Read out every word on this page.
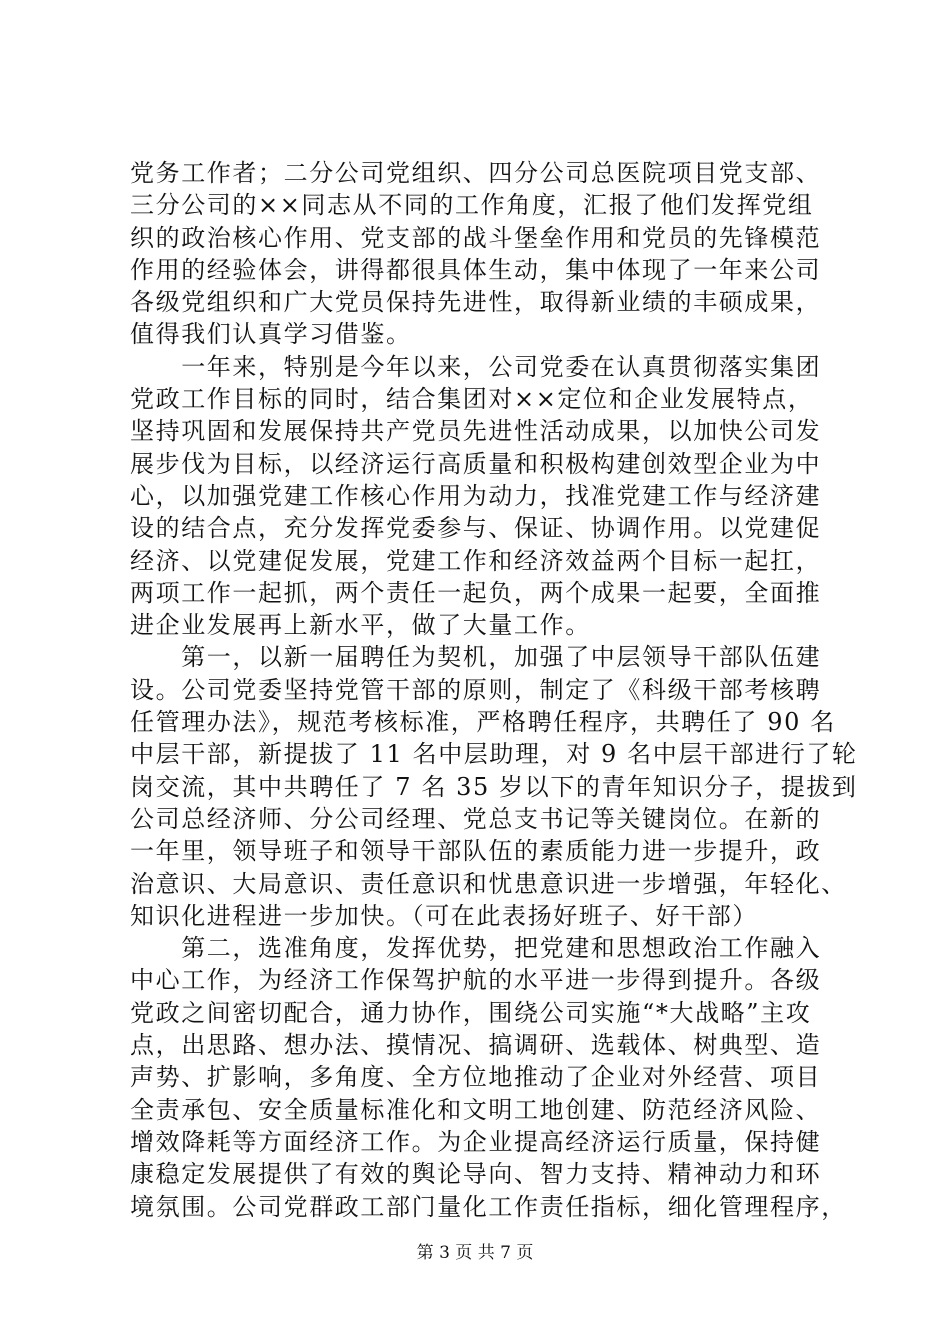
党务工作者；二分公司党组织、四分公司总医院项目党支部、
三分公司的××同志从不同的工作角度，汇报了他们发挥党组
织的政治核心作用、党支部的战斗堡垒作用和党员的先锋模范
作用的经验体会，讲得都很具体生动，集中体现了一年来公司
各级党组织和广大党员保持先进性，取得新业绩的丰硕成果，
值得我们认真学习借鉴。
　　一年来，特别是今年以来，公司党委在认真贯彻落实集团
党政工作目标的同时，结合集团对××定位和企业发展特点，
坚持巩固和发展保持共产党员先进性活动成果，以加快公司发
展步伐为目标，以经济运行高质量和积极构建创效型企业为中
心，以加强党建工作核心作用为动力，找准党建工作与经济建
设的结合点，充分发挥党委参与、保证、协调作用。以党建促
经济、以党建促发展，党建工作和经济效益两个目标一起扛，
两项工作一起抓，两个责任一起负，两个成果一起要，全面推
进企业发展再上新水平，做了大量工作。
　　第一，以新一届聘任为契机，加强了中层领导干部队伍建
设。公司党委坚持党管干部的原则，制定了《科级干部考核聘
任管理办法》，规范考核标准，严格聘任程序，共聘任了 90 名
中层干部，新提拔了 11 名中层助理，对 9 名中层干部进行了轮
岗交流，其中共聘任了 7 名 35 岁以下的青年知识分子，提拔到
公司总经济师、分公司经理、党总支书记等关键岗位。在新的
一年里，领导班子和领导干部队伍的素质能力进一步提升，政
治意识、大局意识、责任意识和忧患意识进一步增强，年轻化、
知识化进程进一步加快。（可在此表扬好班子、好干部）
　　第二，选准角度，发挥优势，把党建和思想政治工作融入
中心工作，为经济工作保驾护航的水平进一步得到提升。各级
党政之间密切配合，通力协作，围绕公司实施“*大战略”主攻
点，出思路、想办法、摸情况、搞调研、选载体、树典型、造
声势、扩影响，多角度、全方位地推动了企业对外经营、项目
全责承包、安全质量标准化和文明工地创建、防范经济风险、
增效降耗等方面经济工作。为企业提高经济运行质量，保持健
康稳定发展提供了有效的舆论导向、智力支持、精神动力和环
境氛围。公司党群政工部门量化工作责任指标，细化管理程序，
第 3 页 共 7 页
